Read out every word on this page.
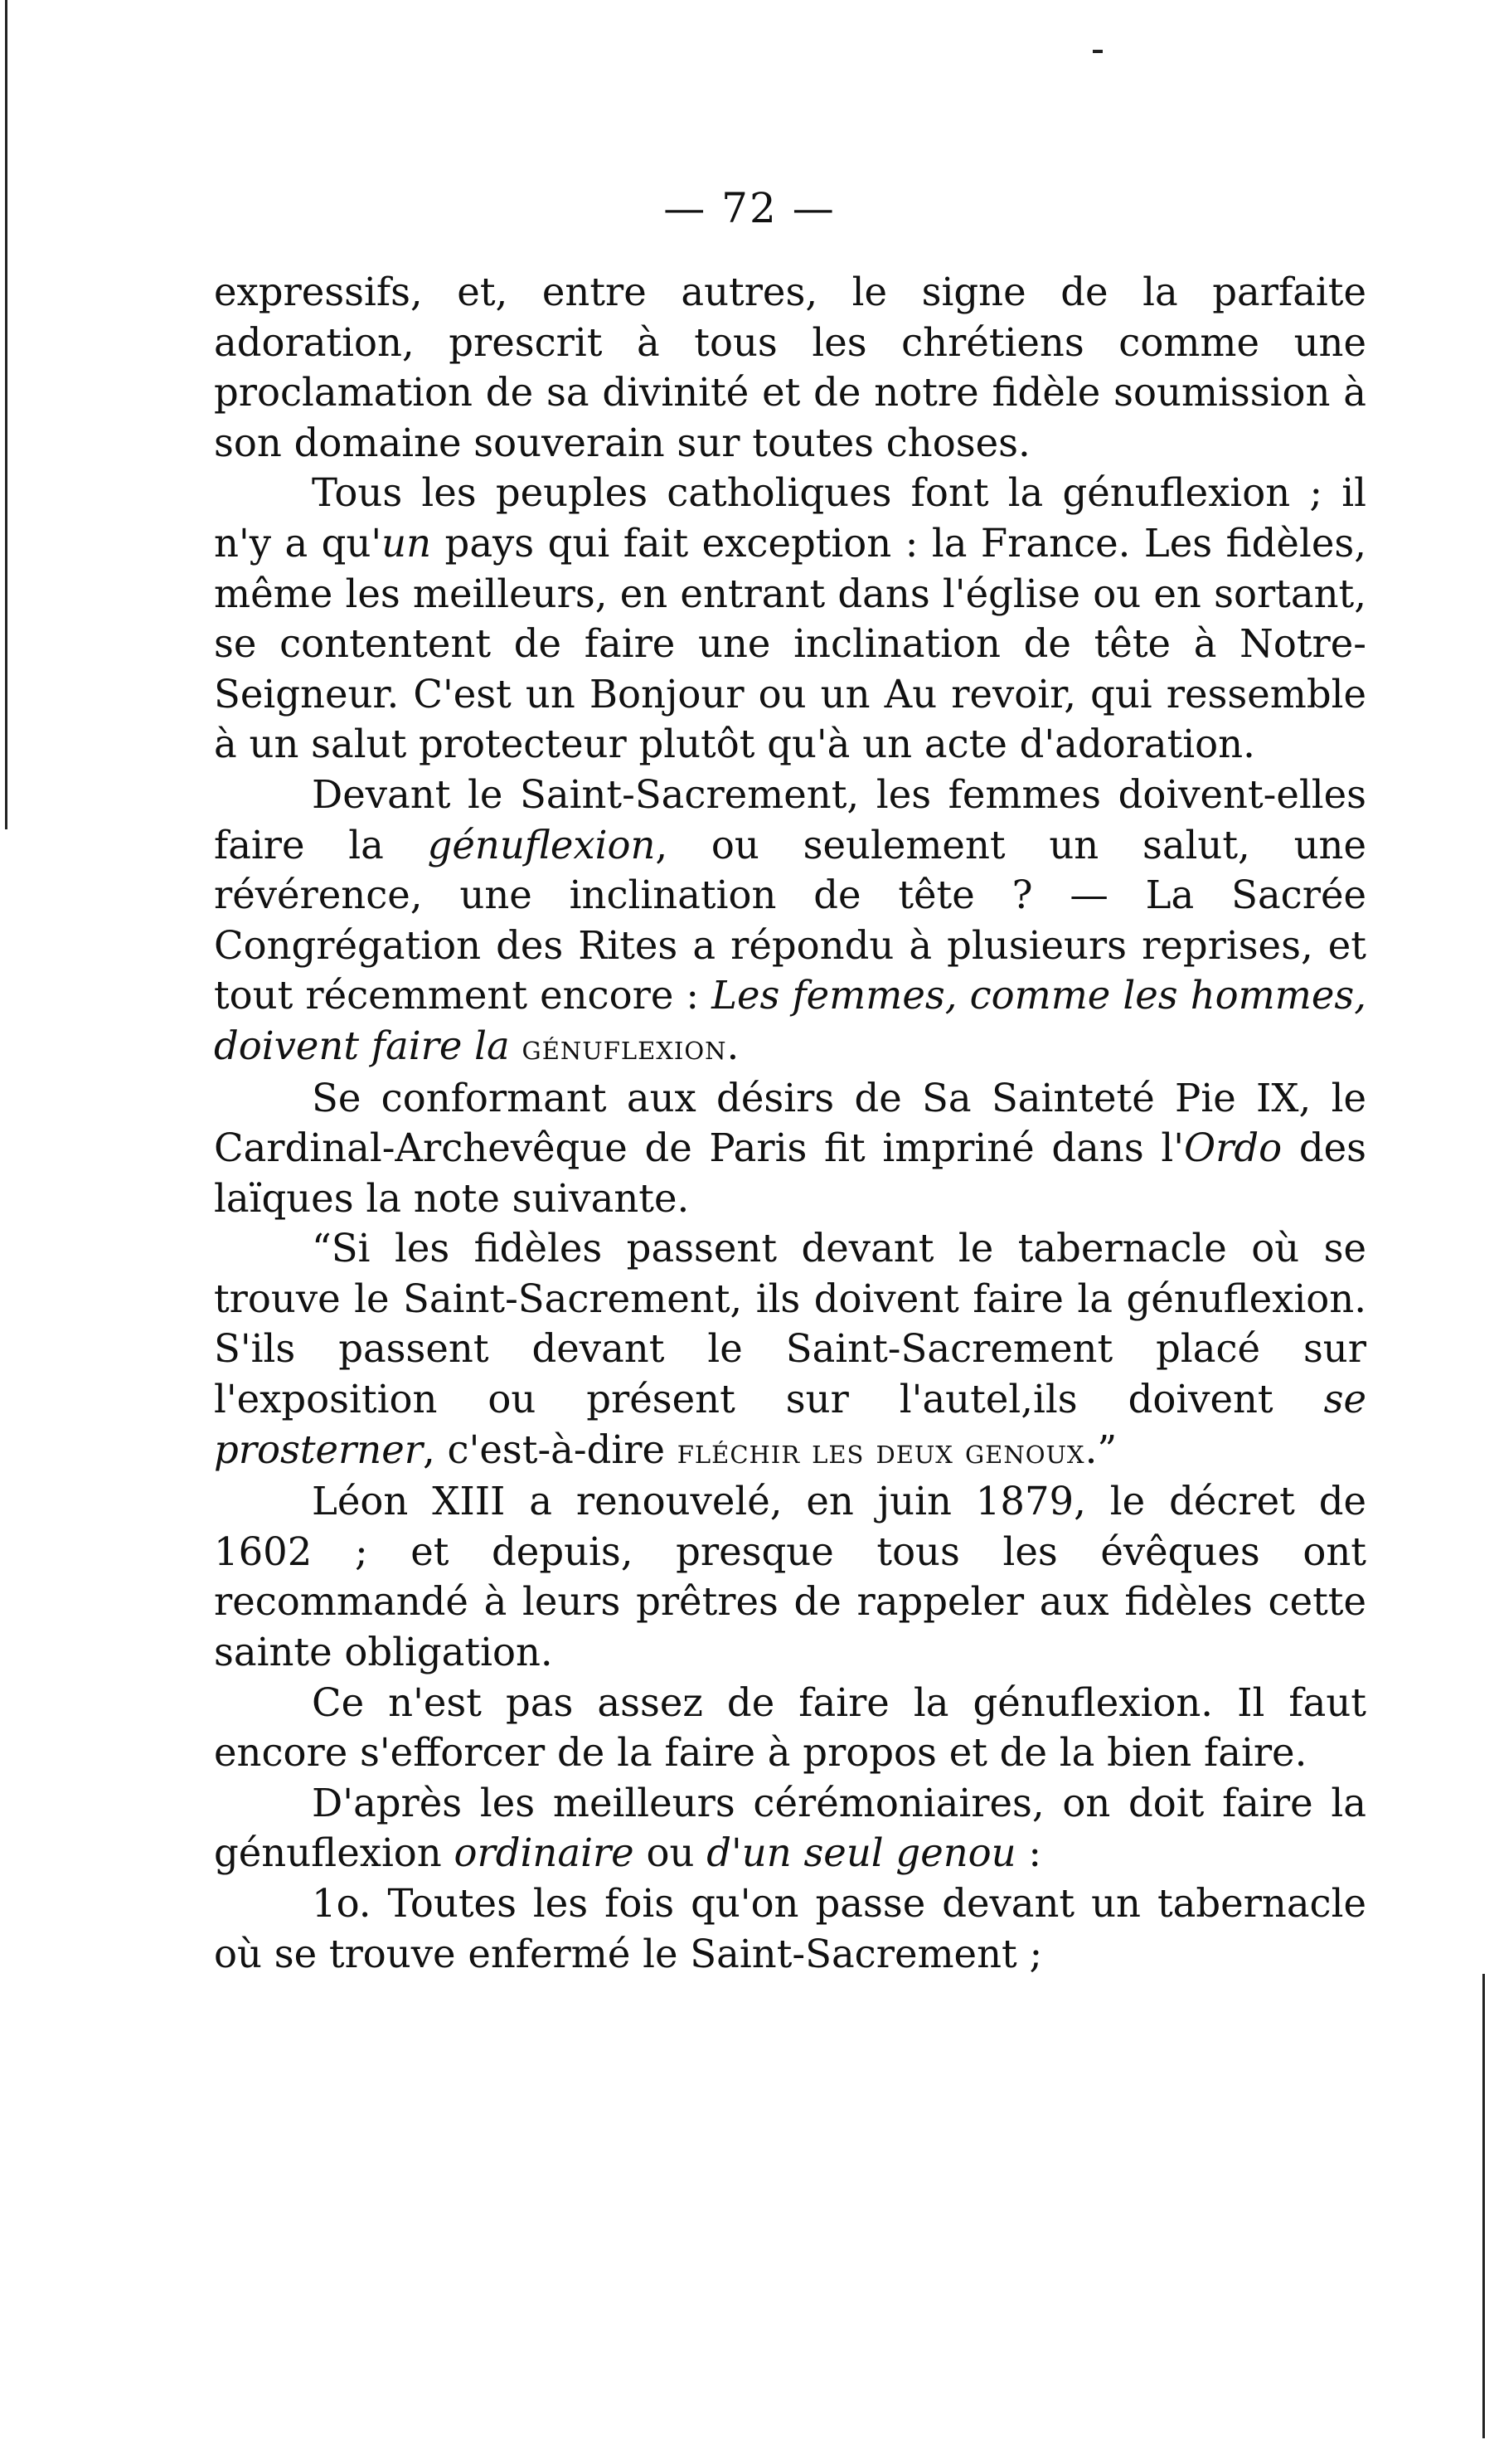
— 72 —

expressifs, et, entre autres, le signe de la parfaite adoration, prescrit à tous les chrétiens comme une proclamation de sa divinité et de notre fidèle soumission à son domaine souverain sur toutes choses.

Tous les peuples catholiques font la génuflexion ; il n'y a qu'un pays qui fait exception : la France. Les fidèles, même les meilleurs, en entrant dans l'église ou en sortant, se contentent de faire une inclination de tête à Notre-Seigneur. C'est un Bonjour ou un Au revoir, qui ressemble à un salut protecteur plutôt qu'à un acte d'adoration.

Devant le Saint-Sacrement, les femmes doivent-elles faire la génuflexion, ou seulement un salut, une révérence, une inclination de tête ? — La Sacrée Congrégation des Rites a répondu à plusieurs reprises, et tout récemment encore : Les femmes, comme les hommes, doivent faire la génuflexion.

Se conformant aux désirs de Sa Sainteté Pie IX, le Cardinal-Archevêque de Paris fit impriné dans l'Ordo des laïques la note suivante.

“Si les fidèles passent devant le tabernacle où se trouve le Saint-Sacrement, ils doivent faire la génuflexion. S'ils passent devant le Saint-Sacrement placé sur l'exposition ou présent sur l'autel,ils doivent se prosterner, c'est-à-dire fléchir les deux genoux.”

Léon XIII a renouvelé, en juin 1879, le décret de 1602 ; et depuis, presque tous les évêques ont recommandé à leurs prêtres de rappeler aux fidèles cette sainte obligation.

Ce n'est pas assez de faire la génuflexion. Il faut encore s'efforcer de la faire à propos et de la bien faire.

D'après les meilleurs cérémoniaires, on doit faire la génuflexion ordinaire ou d'un seul genou :

1o. Toutes les fois qu'on passe devant un tabernacle où se trouve enfermé le Saint-Sacrement ;
